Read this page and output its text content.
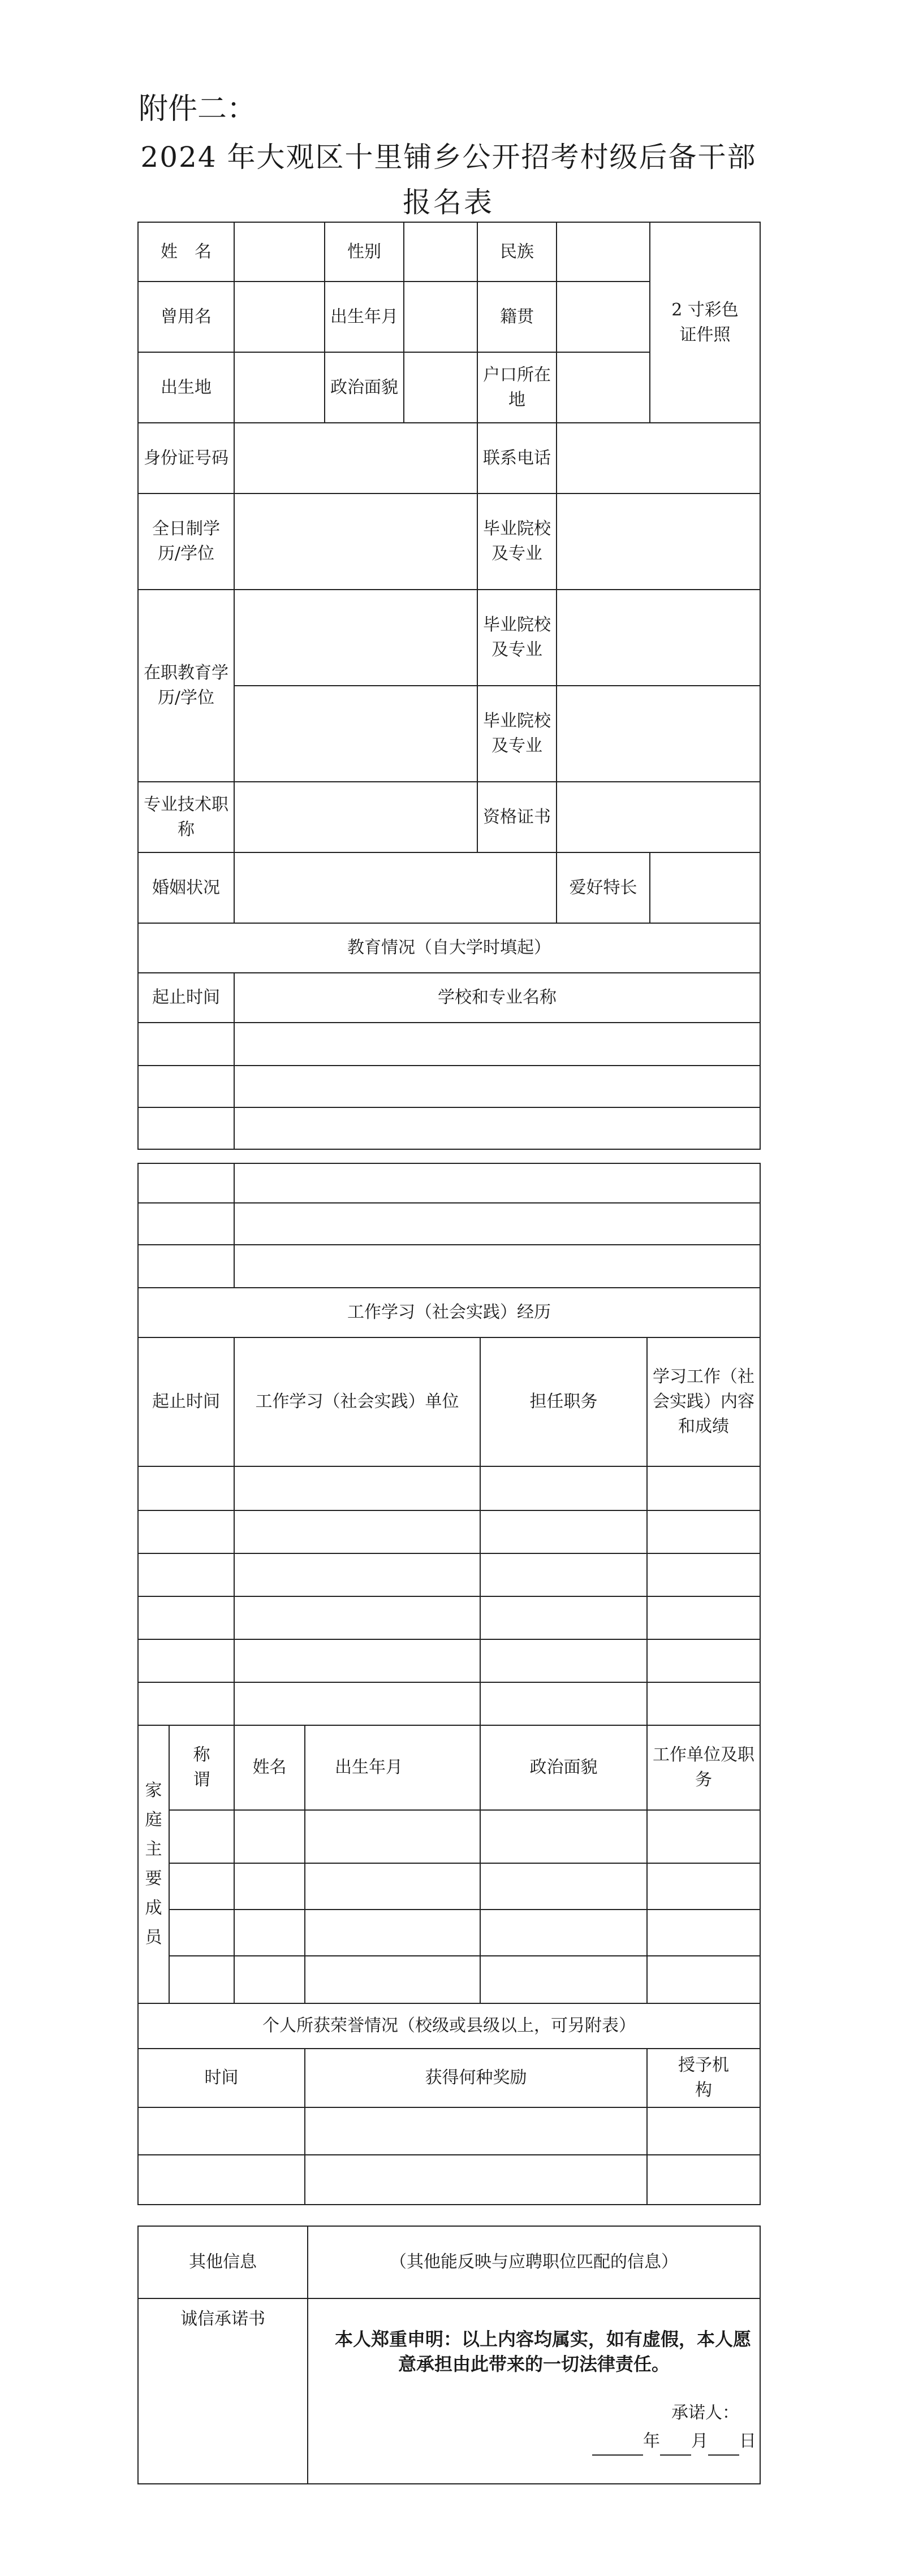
附件二：
2024 年大观区十里铺乡公开招考村级后备干部
报名表
姓　名		性别		民族		2 寸彩色证件照

曾用名		出生年月		籍贯		
出生地		政治面貌		户口所在地		
身份证号码				联系电话		
全日制学历/学位				毕业院校及专业		
在职教育学历/学位				毕业院校及专业		
				毕业院校及专业		
专业技术职称				资格证书		
婚姻状况					爱好特长	
教育情况（自大学时填起）						
起止时间	学校和专业名称					

工作学习（社会实践）经历					
起止时间		工作学习（社会实践）单位		担任职务	学习工作（社会实践）内容和成绩

家庭主要成员	称谓	姓名	出生年月	政治面貌	工作单位及职务

个人所获荣誉情况（校级或县级以上，可另附表）					
时间			获得何种奖励		授予机构

其他信息	（其他能反映与应聘职位匹配的信息）
诚信承诺书	本人郑重申明：以上内容均属实，如有虚假，本人愿意承担由此带来的一切法律责任。
承诺人：
年 月 日
